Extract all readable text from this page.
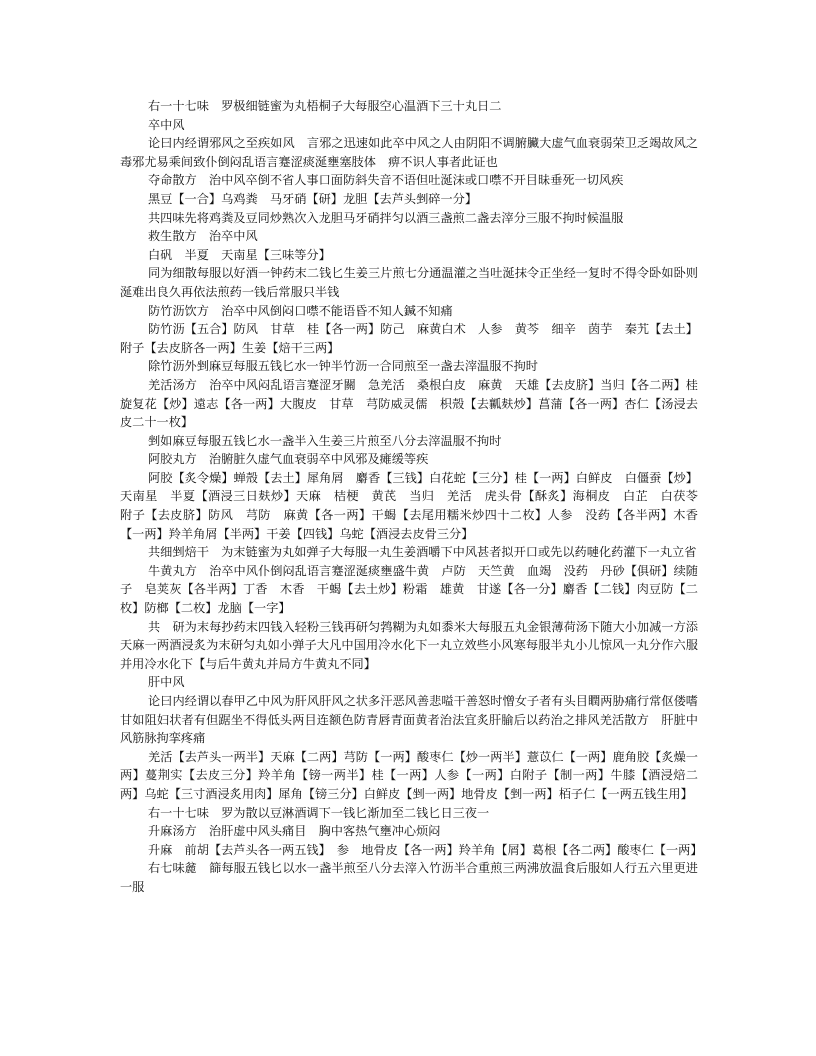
右一十七味　罗极细链蜜为丸梧桐子大每服空心温酒下三十丸日二

卒中风

论曰内经谓邪风之至疾如风　言邪之迅速如此卒中风之人由阴阳不调腑臟大虚气血衰弱荣卫乏竭故风之毒邪尤易乘间致仆倒闷乱语言蹇涩痰涎壅塞肢体　痹不识人事者此证也

夺命散方　治中风卒倒不省人事口面防斜失音不语但吐涎沫或口噤不开目昧垂死一切风疾

黑豆【一合】乌鸡粪　马牙硝【研】龙胆【去芦头剉碎一分】

共四味先将鸡粪及豆同炒熟次入龙胆马牙硝拌匀以酒三盏煎二盏去滓分三服不拘时候温服

救生散方　治卒中风

白矾　半夏　天南星【三味等分】

同为细散每服以好酒一钟药末二钱匕生姜三片煎七分通温灌之当吐涎抹令正坐经一复时不得令卧如卧则涎难出良久再依法煎药一钱后常服只半钱

防竹沥饮方　治卒中风倒闷口噤不能语昏不知人鍼不知痛

防竹沥【五合】防风　甘草　桂【各一两】防己　麻黄白术　人参　黄芩　细辛　茵芋　秦艽【去土】附子【去皮脐各一两】生姜【焙干三两】

除竹沥外剉麻豆每服五钱匕水一钟半竹沥一合同煎至一盏去滓温服不拘时

羌活汤方　治卒中风闷乱语言蹇涩牙關　急羌活　桑根白皮　麻黄　天雄【去皮脐】当归【各二两】桂　旋复花【炒】遠志【各一两】大腹皮　甘草　芎防威灵儒　枳殼【去瓤麸炒】菖蒲【各一两】杏仁【汤浸去皮二十一枚】

剉如麻豆每服五钱匕水一盏半入生姜三片煎至八分去滓温服不拘时

阿胶丸方　治腑脏久虚气血衰弱卒中风邪及瘫缓等疾

阿胶【炙令燥】蝉殼【去土】犀角屑　麝香【三钱】白花蛇【三分】桂【一两】白鲜皮　白僵蚕【炒】天南星　半夏【酒浸三日麸炒】天麻　桔梗　黄芪　当归　羌活　虎头骨【酥炙】海桐皮　白芷　白茯苓　附子【去皮脐】防风　芎防　麻黄【各一两】干蝎【去尾用糯米炒四十二枚】人参　没药【各半两】木香【一两】羚羊角屑【半两】干姜【四钱】乌蛇【酒浸去皮骨三分】

共细剉焙干　为末链蜜为丸如弹子大每服一丸生姜酒嚼下中风甚者拟开口或先以药嗹化药灌下一丸立省

牛黄丸方　治卒中风仆倒闷乱语言蹇涩涎痰壅盛牛黄　卢防　天竺黄　血竭　没药　丹砂【俱研】续随子　皂荚灰【各半两】丁香　木香　干蝎【去土炒】粉霜　雄黄　甘遂【各一分】麝香【二钱】肉豆防【二枚】防榔【二枚】龙脑【一字】

共　研为末每抄药末四钱入轻粉三钱再研匀鹁糊为丸如黍米大每服五丸金银薄荷汤下随大小加减一方添天麻一两酒浸炙为末研匀丸如小弹子大凡中国用冷水化下一丸立效些小风寒每服半丸小儿惊风一丸分作六服并用冷水化下【与后牛黄丸并局方牛黄丸不同】

肝中风

论曰内经谓以春甲乙中风为肝风肝风之状多汗恶风善悲嗌干善怒时憎女子者有头目瞤两胁痛行常伛偻嗜甘如阻妇状者有但踞坐不得低头两目连额色防青唇青面黄者治法宜炙肝腧后以药治之排风羌活散方　肝脏中风筋脉拘挛疼痛

羌活【去芦头一两半】天麻【二两】芎防【一两】酸枣仁【炒一两半】薏苡仁【一两】鹿角胶【炙燥一两】蔓荆实【去皮三分】羚羊角【镑一两半】桂【一两】人参【一两】白附子【制一两】牛膝【酒浸焙二两】乌蛇【三寸酒浸炙用肉】犀角【镑三分】白鲜皮【剉一两】地骨皮【剉一两】栢子仁【一两五钱生用】

右一十七味　罗为散以豆淋酒调下一钱匕渐加至二钱匕日三夜一

升麻汤方　治肝虚中风头痛目　胸中客热气壅冲心烦闷

升麻　前胡【去芦头各一两五钱】　参　地骨皮【各一两】羚羊角【屑】葛根【各二两】酸枣仁【一两】

右七味麄　篩每服五钱匕以水一盏半煎至八分去滓入竹沥半合重煎三两沸放温食后服如人行五六里更进一服
